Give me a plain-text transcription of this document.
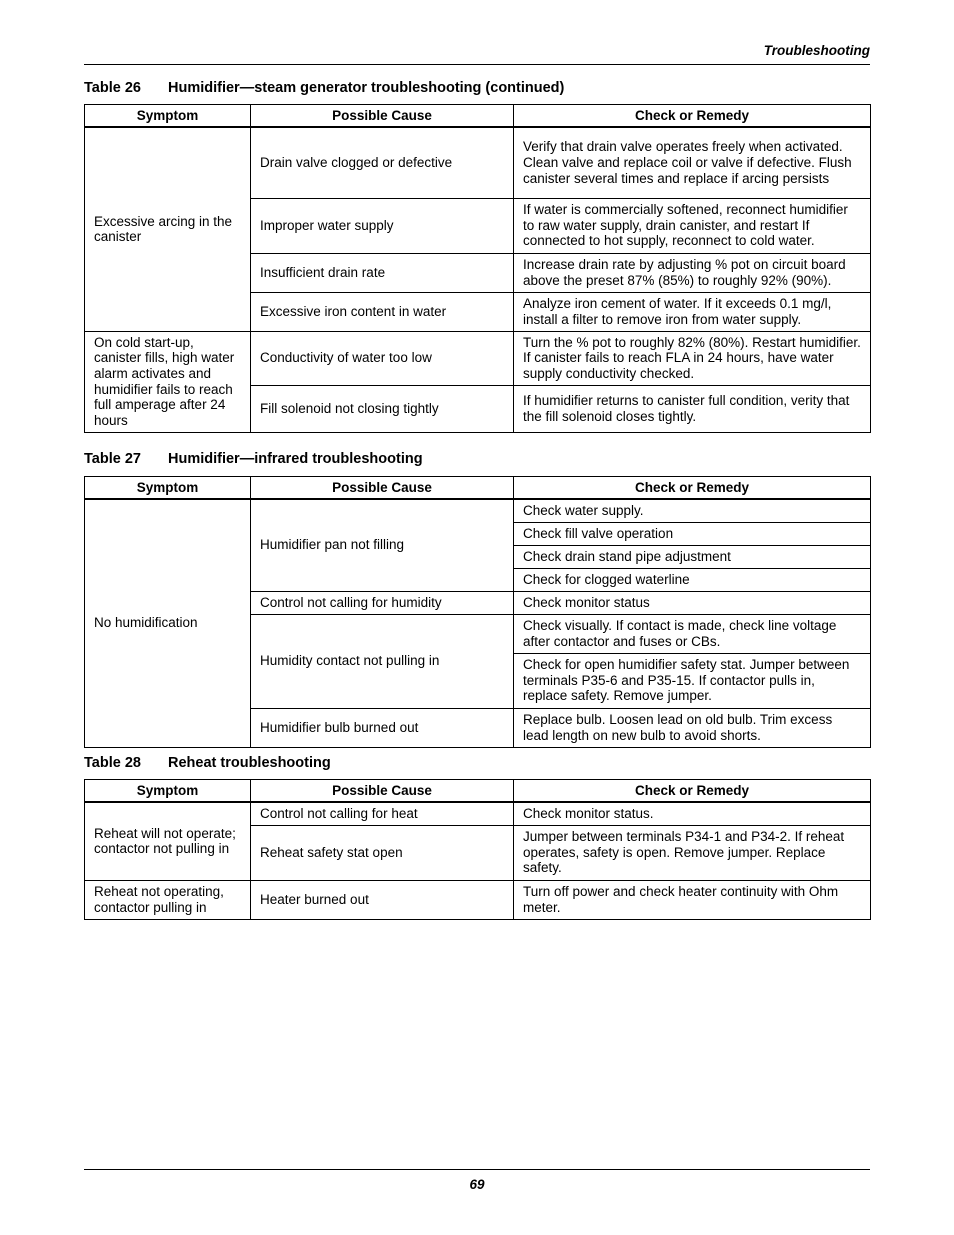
Troubleshooting
Table 26 Humidifier—steam generator troubleshooting (continued)
Symptom	Possible Cause	Check or Remedy
Excessive arcing in the canister	Drain valve clogged or defective	Verify that drain valve operates freely when activated. Clean valve and replace coil or valve if defective. Flush canister several times and replace if arcing persists
	Improper water supply	If water is commercially softened, reconnect humidifier to raw water supply, drain canister, and restart If connected to hot supply, reconnect to cold water.
	Insufficient drain rate	Increase drain rate by adjusting % pot on circuit board above the preset 87% (85%) to roughly 92% (90%).
	Excessive iron content in water	Analyze iron cement of water. If it exceeds 0.1 mg/l, install a filter to remove iron from water supply.
On cold start-up, canister fills, high water alarm activates and humidifier fails to reach full amperage after 24 hours	Conductivity of water too low	Turn the % pot to roughly 82% (80%). Restart humidifier. If canister fails to reach FLA in 24 hours, have water supply conductivity checked.
	Fill solenoid not closing tightly	If humidifier returns to canister full condition, verity that the fill solenoid closes tightly.
Table 27 Humidifier—infrared troubleshooting
Symptom	Possible Cause	Check or Remedy
No humidification	Humidifier pan not filling	Check water supply.
		Check fill valve operation
		Check drain stand pipe adjustment
		Check for clogged waterline
	Control not calling for humidity	Check monitor status
	Humidity contact not pulling in	Check visually. If contact is made, check line voltage after contactor and fuses or CBs.
		Check for open humidifier safety stat. Jumper between terminals P35-6 and P35-15. If contactor pulls in, replace safety. Remove jumper.
	Humidifier bulb burned out	Replace bulb. Loosen lead on old bulb. Trim excess lead length on new bulb to avoid shorts.
Table 28 Reheat troubleshooting
Symptom	Possible Cause	Check or Remedy
Reheat will not operate; contactor not pulling in	Control not calling for heat	Check monitor status.
	Reheat safety stat open	Jumper between terminals P34-1 and P34-2. If reheat operates, safety is open. Remove jumper. Replace safety.
Reheat not operating, contactor pulling in	Heater burned out	Turn off power and check heater continuity with Ohm meter.
69
